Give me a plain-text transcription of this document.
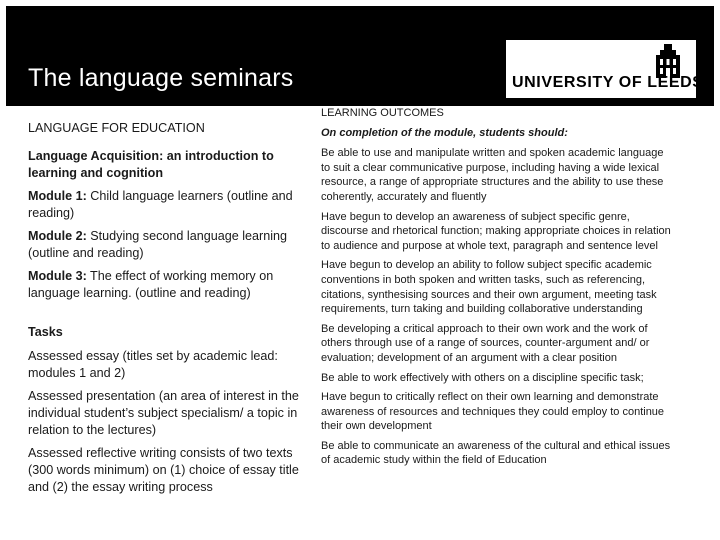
The language seminars	UNIVERSITY OF LEEDS

LANGUAGE FOR EDUCATION

Language Acquisition: an introduction to learning and cognition

Module 1: Child language learners (outline and reading)

Module 2: Studying second language learning (outline and reading)

Module 3: The effect of working memory on language learning. (outline and reading)

Tasks

Assessed essay (titles set by academic lead: modules 1 and 2)

Assessed presentation (an area of interest in the individual student’s subject specialism/ a topic in relation to the lectures)

Assessed reflective writing consists of two texts (300 words minimum) on (1) choice of essay title and (2) the essay writing process

LEARNING OUTCOMES

On completion of the module, students should:

Be able to use and manipulate written and spoken academic language to suit a clear communicative purpose, including having a wide lexical resource, a range of appropriate structures and the ability to use these coherently, accurately and fluently

Have begun to develop an awareness of subject specific genre, discourse and rhetorical function; making appropriate choices in relation to audience and purpose at whole text, paragraph and sentence level

Have begun to develop an ability to follow subject specific academic conventions in both spoken and written tasks, such as referencing, citations, synthesising sources and their own argument, meeting task requirements, turn taking and building collaborative understanding

Be developing a critical approach to their own work and the work of others through use of a range of sources, counter-argument and/ or evaluation; development of an argument with a clear position

Be able to work effectively with others on a discipline specific task;

Have begun to critically reflect on their own learning and demonstrate awareness of resources and techniques they could employ to continue their own development

Be able to communicate an awareness of the cultural and ethical issues of academic study within the field of Education
